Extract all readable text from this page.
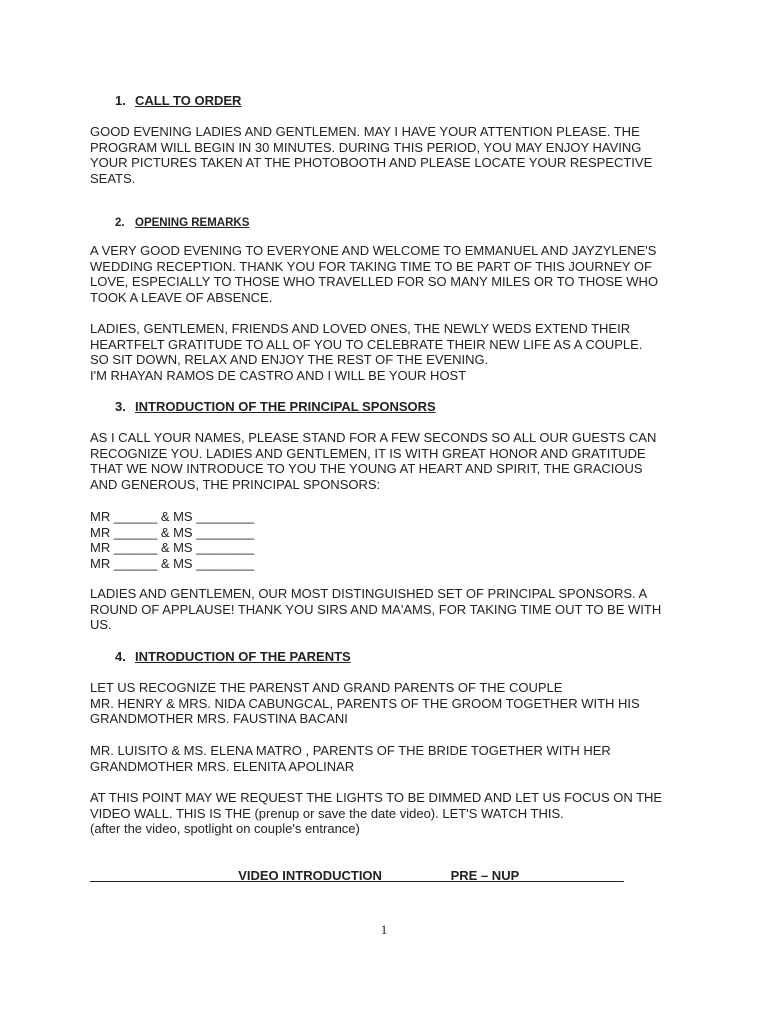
1. CALL TO ORDER

GOOD EVENING LADIES AND GENTLEMEN. MAY I HAVE YOUR ATTENTION PLEASE. THE
PROGRAM WILL BEGIN IN 30 MINUTES. DURING THIS PERIOD, YOU MAY ENJOY HAVING
YOUR PICTURES TAKEN AT THE PHOTOBOOTH AND PLEASE LOCATE YOUR RESPECTIVE
SEATS.

2. OPENING REMARKS

A VERY GOOD EVENING TO EVERYONE AND WELCOME TO EMMANUEL AND JAYZYLENE'S
WEDDING RECEPTION. THANK YOU FOR TAKING TIME TO BE PART OF THIS JOURNEY OF
LOVE, ESPECIALLY TO THOSE WHO TRAVELLED FOR SO MANY MILES OR TO THOSE WHO
TOOK A LEAVE OF ABSENCE.

LADIES, GENTLEMEN, FRIENDS AND LOVED ONES, THE NEWLY WEDS EXTEND THEIR
HEARTFELT GRATITUDE TO ALL OF YOU TO CELEBRATE THEIR NEW LIFE AS A COUPLE.
SO SIT DOWN, RELAX AND ENJOY THE REST OF THE EVENING.
I'M RHAYAN RAMOS DE CASTRO AND I WILL BE YOUR HOST

3. INTRODUCTION OF THE PRINCIPAL SPONSORS

AS I CALL YOUR NAMES, PLEASE STAND FOR A FEW SECONDS SO ALL OUR GUESTS CAN
RECOGNIZE YOU. LADIES AND GENTLEMEN, IT IS WITH GREAT HONOR AND GRATITUDE
THAT WE NOW INTRODUCE TO YOU THE YOUNG AT HEART AND SPIRIT, THE GRACIOUS
AND GENEROUS, THE PRINCIPAL SPONSORS:

MR ______ & MS ________
MR ______ & MS ________
MR ______ & MS ________
MR ______ & MS ________

LADIES AND GENTLEMEN, OUR MOST DISTINGUISHED SET OF PRINCIPAL SPONSORS. A
ROUND OF APPLAUSE! THANK YOU SIRS AND MA'AMS, FOR TAKING TIME OUT TO BE WITH
US.

4. INTRODUCTION OF THE PARENTS

LET US RECOGNIZE THE PARENST AND GRAND PARENTS OF THE COUPLE
MR. HENRY & MRS. NIDA CABUNGCAL, PARENTS OF THE GROOM TOGETHER WITH HIS
GRANDMOTHER MRS. FAUSTINA BACANI

MR. LUISITO & MS. ELENA MATRO , PARENTS OF THE BRIDE TOGETHER WITH HER
GRANDMOTHER MRS. ELENITA APOLINAR

AT THIS POINT MAY WE REQUEST THE LIGHTS TO BE DIMMED AND LET US FOCUS ON THE
VIDEO WALL. THIS IS THE (prenup or save the date video). LET'S WATCH THIS.
(after the video, spotlight on couple's entrance)

____________________ VIDEO INTRODUCTION _________PRE – NUP ______________
1
